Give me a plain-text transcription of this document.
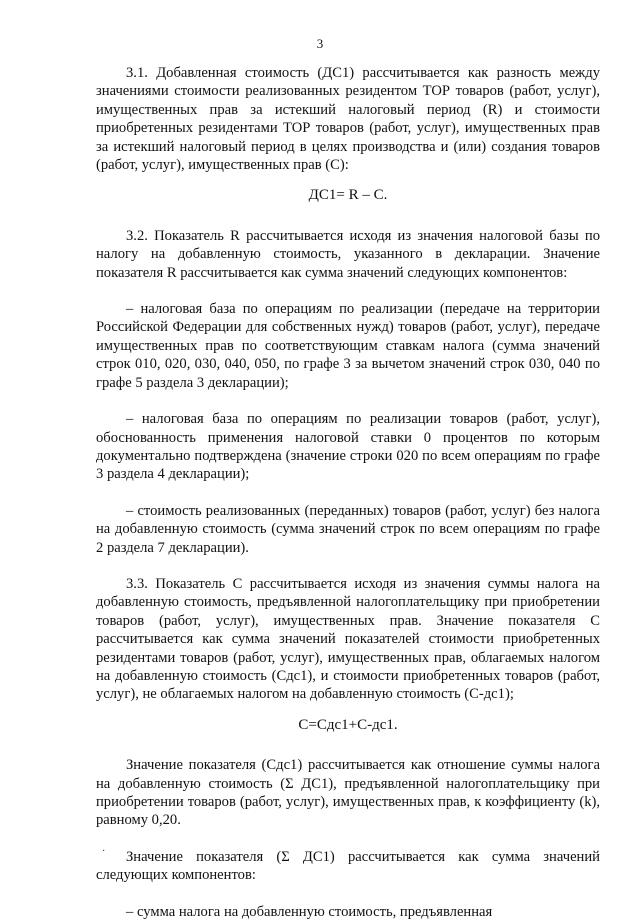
3

3.1. Добавленная стоимость (ДС1) рассчитывается как разность между значениями стоимости реализованных резидентом ТОР товаров (работ, услуг), имущественных прав за истекший налоговый период (R) и стоимости приобретенных резидентами ТОР товаров (работ, услуг), имущественных прав за истекший налоговый период в целях производства и (или) создания товаров (работ, услуг), имущественных прав (С):

ДС1= R – С.

3.2. Показатель R рассчитывается исходя из значения налоговой базы по налогу на добавленную стоимость, указанного в декларации. Значение показателя R рассчитывается как сумма значений следующих компонентов:

– налоговая база по операциям по реализации (передаче на территории Российской Федерации для собственных нужд) товаров (работ, услуг), передаче имущественных прав по соответствующим ставкам налога (сумма значений строк 010, 020, 030, 040, 050, по графе 3 за вычетом значений строк 030, 040 по графе 5 раздела 3 декларации);

– налоговая база по операциям по реализации товаров (работ, услуг), обоснованность применения налоговой ставки 0 процентов по которым документально подтверждена (значение строки 020 по всем операциям по графе 3 раздела 4 декларации);

– стоимость реализованных (переданных) товаров (работ, услуг) без налога на добавленную стоимость (сумма значений строк по всем операциям по графе 2 раздела 7 декларации).

3.3. Показатель С рассчитывается исходя из значения суммы налога на добавленную стоимость, предъявленной налогоплательщику при приобретении товаров (работ, услуг), имущественных прав. Значение показателя С рассчитывается как сумма значений показателей стоимости приобретенных резидентами товаров (работ, услуг), имущественных прав, облагаемых налогом на добавленную стоимость (Сдс1), и стоимости приобретенных товаров (работ, услуг), не облагаемых налогом на добавленную стоимость (С-дс1);

С=Сдс1+С-дс1.

Значение показателя (Сдс1) рассчитывается как отношение суммы налога на добавленную стоимость (Σ ДС1), предъявленной налогоплательщику при приобретении товаров (работ, услуг), имущественных прав, к коэффициенту (k), равному 0,20.

Значение показателя (Σ ДС1) рассчитывается как сумма значений следующих компонентов:

– сумма налога на добавленную стоимость, предъявленная

·
